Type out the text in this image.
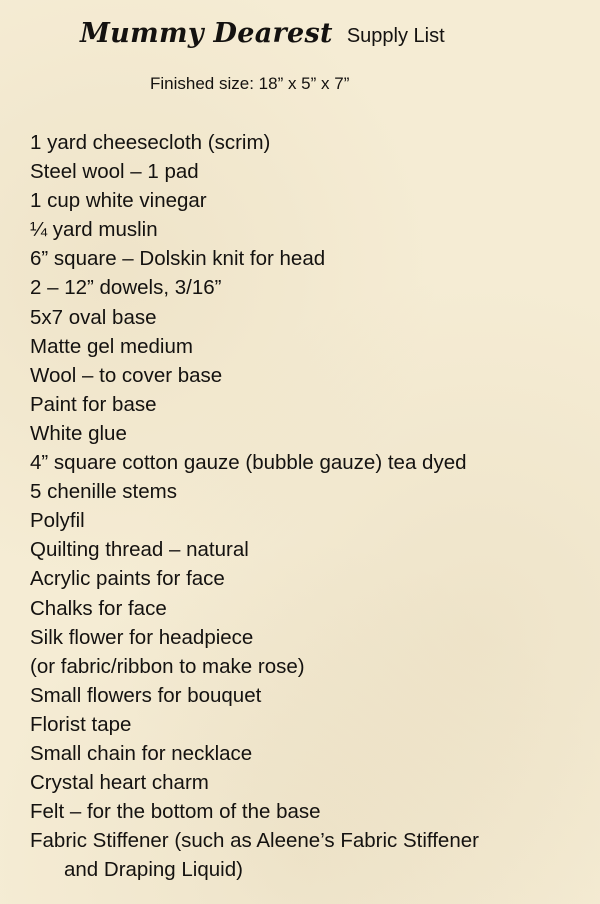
Mummy Dearest Supply List
Finished size: 18” x 5” x 7”
1 yard cheesecloth (scrim)
Steel wool – 1 pad
1 cup white vinegar
¼ yard muslin
6” square – Dolskin knit for head
2 – 12” dowels, 3/16”
5x7 oval base
Matte gel medium
Wool – to cover base
Paint for base
White glue
4” square cotton gauze (bubble gauze) tea dyed
5 chenille stems
Polyfil
Quilting thread – natural
Acrylic paints for face
Chalks for face
Silk flower for headpiece
(or fabric/ribbon to make rose)
Small flowers for bouquet
Florist tape
Small chain for necklace
Crystal heart charm
Felt – for the bottom of the base
Fabric Stiffener (such as Aleene’s Fabric Stiffener
and Draping Liquid)
